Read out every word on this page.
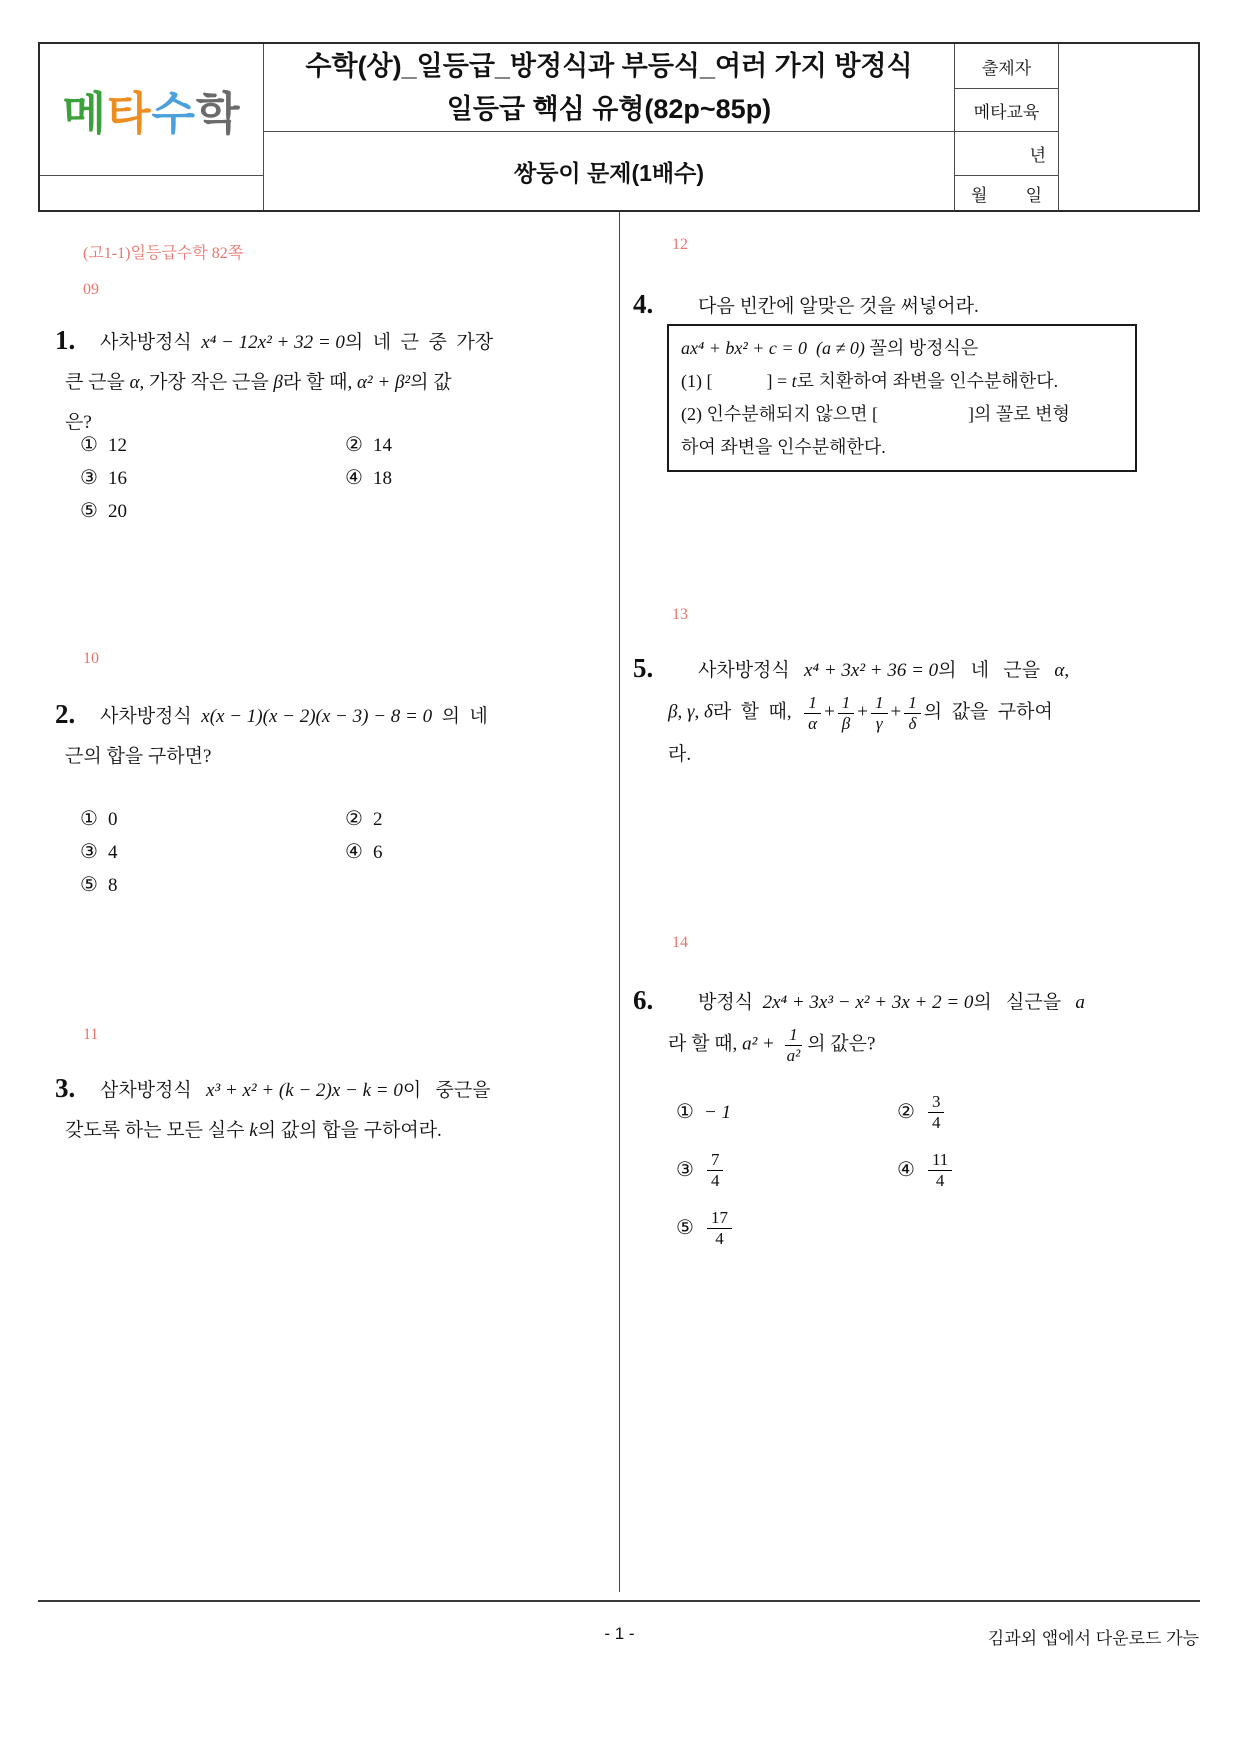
메타수학
수학(상)_일등급_방정식과 부등식_여러 가지 방정식
일등급 핵심 유형(82p~85p)
쌍둥이 문제(1배수)
출제자
메타교육
년
월 일
(고1-1)일등급수학 82쪽
09
1. 사차방정식  x⁴ − 12x² + 32 = 0의  네  근  중  가장
큰 근을 α, 가장 작은 근을 β라 할 때, α² + β²의 값
은?
① 12	② 14
③ 16	④ 18
⑤ 20
10
2. 사차방정식  x(x − 1)(x − 2)(x − 3) − 8 = 0  의  네
근의 합을 구하면?
① 0	② 2
③ 4	④ 6
⑤ 8
11
3. 삼차방정식   x³ + x² + (k − 2)x − k = 0이   중근을
갖도록 하는 모든 실수 k의 값의 합을 구하여라.
12
4. 다음 빈칸에 알맞은 것을 써넣어라.
ax⁴ + bx² + c = 0  (a ≠ 0) 꼴의 방정식은
(1) [	] = t로 치환하여 좌변을 인수분해한다.
(2) 인수분해되지 않으면 [	]의 꼴로 변형
하여 좌변을 인수분해한다.
13
5. 사차방정식   x⁴ + 3x² + 36 = 0의   네   근을   α,
β, γ, δ라  할  때, $\frac{1}{\alpha} + \frac{1}{\beta} + \frac{1}{\gamma} + \frac{1}{\delta}$ 의  값을  구하여
라.
14
6. 방정식  2x⁴ + 3x³ − x² + 3x + 2 = 0의   실근을   a
라 할 때, $a^2 + \frac{1}{\text{a²}}$ 의 값은?
① − 1	② $\frac{3}{4}$
③ $\frac{7}{4}$	④ $\frac{11}{4}$
⑤ $\frac{17}{4}$
- 1 -	김과외 앱에서 다운로드 가능
